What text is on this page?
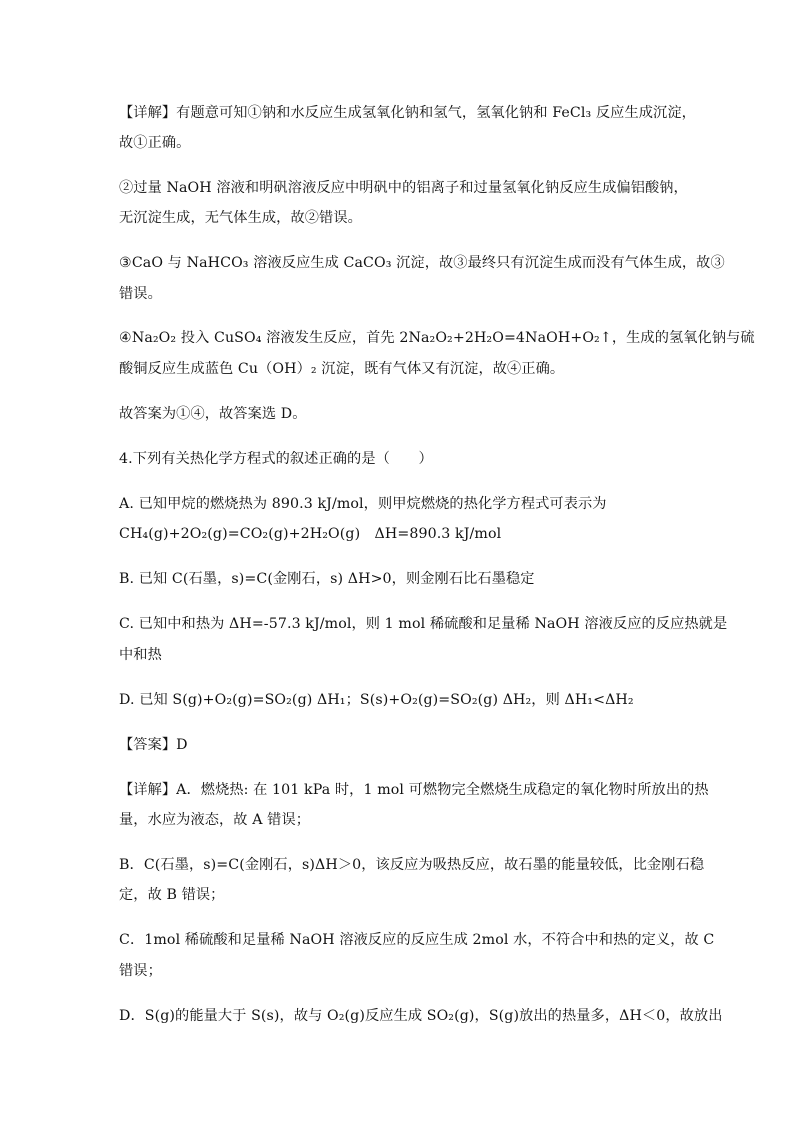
【详解】有题意可知①钠和水反应生成氢氧化钠和氢气，氢氧化钠和 FeCl₃ 反应生成沉淀，
故①正确。
②过量 NaOH 溶液和明矾溶液反应中明矾中的铝离子和过量氢氧化钠反应生成偏铝酸钠，
无沉淀生成，无气体生成，故②错误。
③CaO 与 NaHCO₃ 溶液反应生成 CaCO₃ 沉淀，故③最终只有沉淀生成而没有气体生成，故③
错误。
④Na₂O₂ 投入 CuSO₄ 溶液发生反应，首先 2Na₂O₂+2H₂O=4NaOH+O₂↑，生成的氢氧化钠与硫
酸铜反应生成蓝色 Cu（OH）₂ 沉淀，既有气体又有沉淀，故④正确。
故答案为①④，故答案选 D。
4.下列有关热化学方程式的叙述正确的是（　　）
A. 已知甲烷的燃烧热为 890.3 kJ/mol，则甲烷燃烧的热化学方程式可表示为
CH₄(g)+2O₂(g)=CO₂(g)+2H₂O(g)　ΔH=890.3 kJ/mol
B. 已知 C(石墨，s)=C(金刚石，s) ΔH>0，则金刚石比石墨稳定
C. 已知中和热为 ΔH=-57.3 kJ/mol，则 1 mol 稀硫酸和足量稀 NaOH 溶液反应的反应热就是
中和热
D. 已知 S(g)+O₂(g)=SO₂(g) ΔH₁；S(s)+O₂(g)=SO₂(g) ΔH₂，则 ΔH₁<ΔH₂
【答案】D
【详解】A．燃烧热: 在 101 kPa 时，1 mol 可燃物完全燃烧生成稳定的氧化物时所放出的热
量，水应为液态，故 A 错误；
B．C(石墨，s)=C(金刚石，s)ΔH＞0，该反应为吸热反应，故石墨的能量较低，比金刚石稳
定，故 B 错误；
C．1mol 稀硫酸和足量稀 NaOH 溶液反应的反应生成 2mol 水，不符合中和热的定义，故 C
错误；
D．S(g)的能量大于 S(s)，故与 O₂(g)反应生成 SO₂(g)，S(g)放出的热量多，ΔH＜0，故放出
